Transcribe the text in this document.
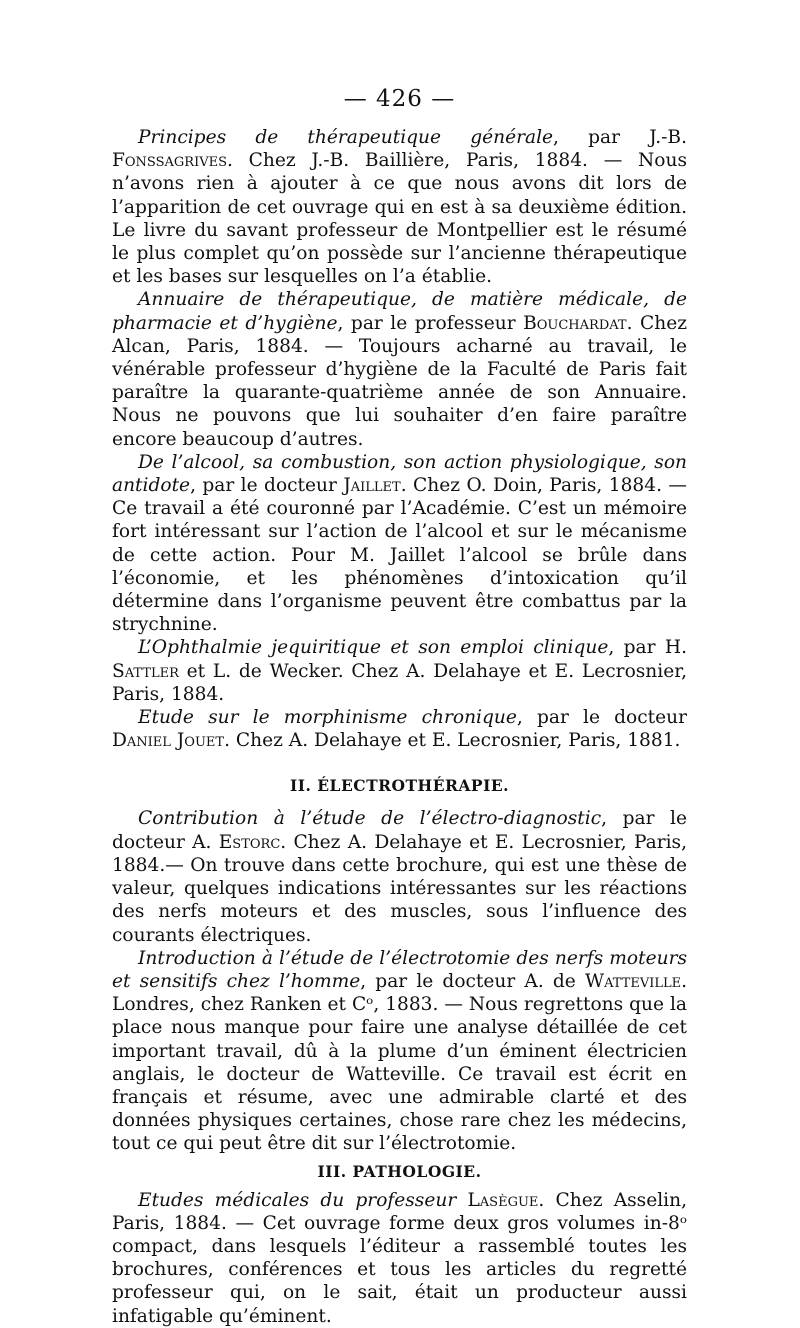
— 426 —

Principes de thérapeutique générale, par J.-B. Fonssagrives. Chez J.-B. Baillière, Paris, 1884. — Nous n’avons rien à ajouter à ce que nous avons dit lors de l’apparition de cet ouvrage qui en est à sa deuxième édition. Le livre du savant professeur de Montpellier est le résumé le plus complet qu’on possède sur l’ancienne thérapeutique et les bases sur lesquelles on l’a établie.

Annuaire de thérapeutique, de matière médicale, de pharmacie et d’hygiène, par le professeur Bouchardat. Chez Alcan, Paris, 1884. — Toujours acharné au travail, le vénérable professeur d’hygiène de la Faculté de Paris fait paraître la quarante-quatrième année de son Annuaire. Nous ne pouvons que lui souhaiter d’en faire paraître encore beaucoup d’autres.

De l’alcool, sa combustion, son action physiologique, son antidote, par le docteur Jaillet. Chez O. Doin, Paris, 1884. — Ce travail a été couronné par l’Académie. C’est un mémoire fort intéressant sur l’action de l’alcool et sur le mécanisme de cette action. Pour M. Jaillet l’alcool se brûle dans l’économie, et les phénomènes d’intoxication qu’il détermine dans l’organisme peuvent être combattus par la strychnine.

L’Ophthalmie jequiritique et son emploi clinique, par H. Sattler et L. de Wecker. Chez A. Delahaye et E. Lecrosnier, Paris, 1884.

Etude sur le morphinisme chronique, par le docteur Daniel Jouet. Chez A. Delahaye et E. Lecrosnier, Paris, 1881.

II. ÉLECTROTHÉRAPIE.

Contribution à l’étude de l’électro-diagnostic, par le docteur A. Estorc. Chez A. Delahaye et E. Lecrosnier, Paris, 1884.— On trouve dans cette brochure, qui est une thèse de valeur, quelques indications intéressantes sur les réactions des nerfs moteurs et des muscles, sous l’influence des courants électriques.

Introduction à l’étude de l’électrotomie des nerfs moteurs et sensitifs chez l’homme, par le docteur A. de Watteville. Londres, chez Ranken et Cᵒ, 1883. — Nous regrettons que la place nous manque pour faire une analyse détaillée de cet important travail, dû à la plume d’un éminent électricien anglais, le docteur de Watteville. Ce travail est écrit en français et résume, avec une admirable clarté et des données physiques certaines, chose rare chez les médecins, tout ce qui peut être dit sur l’électrotomie.

III. PATHOLOGIE.

Etudes médicales du professeur Lasègue. Chez Asselin, Paris, 1884. — Cet ouvrage forme deux gros volumes in-8ᵒ compact, dans lesquels l’éditeur a rassemblé toutes les brochures, conférences et tous les articles du regretté professeur qui, on le sait, était un producteur aussi infatigable qu’éminent.
